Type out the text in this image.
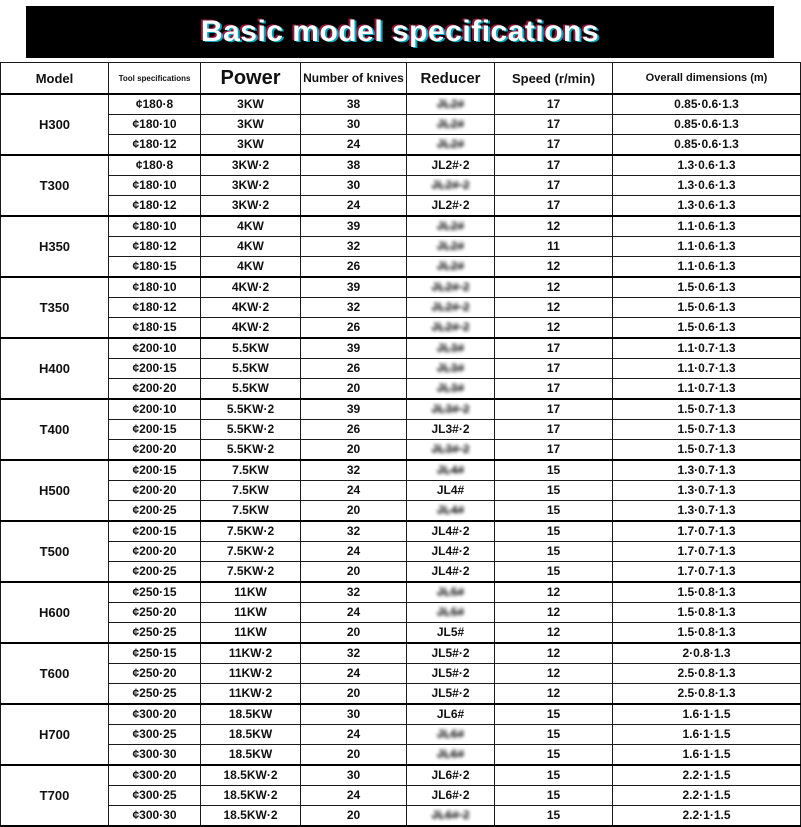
Basic model specifications
Model	Tool specifications	Power	Number of knives	Reducer	Speed (r/min)	Overall dimensions (m)
H300	¢180·8	3KW	38	JL2#	17	0.85·0.6·1.3
	¢180·10	3KW	30	JL2#	17	0.85·0.6·1.3
	¢180·12	3KW	24	JL2#	17	0.85·0.6·1.3
T300	¢180·8	3KW·2	38	JL2#·2	17	1.3·0.6·1.3
	¢180·10	3KW·2	30	JL2#·2	17	1.3·0.6·1.3
	¢180·12	3KW·2	24	JL2#·2	17	1.3·0.6·1.3
H350	¢180·10	4KW	39	JL2#	12	1.1·0.6·1.3
	¢180·12	4KW	32	JL2#	11	1.1·0.6·1.3
	¢180·15	4KW	26	JL2#	12	1.1·0.6·1.3
T350	¢180·10	4KW·2	39	JL2#·2	12	1.5·0.6·1.3
	¢180·12	4KW·2	32	JL2#·2	12	1.5·0.6·1.3
	¢180·15	4KW·2	26	JL2#·2	12	1.5·0.6·1.3
H400	¢200·10	5.5KW	39	JL3#	17	1.1·0.7·1.3
	¢200·15	5.5KW	26	JL3#	17	1.1·0.7·1.3
	¢200·20	5.5KW	20	JL3#	17	1.1·0.7·1.3
T400	¢200·10	5.5KW·2	39	JL3#·2	17	1.5·0.7·1.3
	¢200·15	5.5KW·2	26	JL3#·2	17	1.5·0.7·1.3
	¢200·20	5.5KW·2	20	JL3#·2	17	1.5·0.7·1.3
H500	¢200·15	7.5KW	32	JL4#	15	1.3·0.7·1.3
	¢200·20	7.5KW	24	JL4#	15	1.3·0.7·1.3
	¢200·25	7.5KW	20	JL4#	15	1.3·0.7·1.3
T500	¢200·15	7.5KW·2	32	JL4#·2	15	1.7·0.7·1.3
	¢200·20	7.5KW·2	24	JL4#·2	15	1.7·0.7·1.3
	¢200·25	7.5KW·2	20	JL4#·2	15	1.7·0.7·1.3
H600	¢250·15	11KW	32	JL5#	12	1.5·0.8·1.3
	¢250·20	11KW	24	JL5#	12	1.5·0.8·1.3
	¢250·25	11KW	20	JL5#	12	1.5·0.8·1.3
T600	¢250·15	11KW·2	32	JL5#·2	12	2·0.8·1.3
	¢250·20	11KW·2	24	JL5#·2	12	2.5·0.8·1.3
	¢250·25	11KW·2	20	JL5#·2	12	2.5·0.8·1.3
H700	¢300·20	18.5KW	30	JL6#	15	1.6·1·1.5
	¢300·25	18.5KW	24	JL6#	15	1.6·1·1.5
	¢300·30	18.5KW	20	JL6#	15	1.6·1·1.5
T700	¢300·20	18.5KW·2	30	JL6#·2	15	2.2·1·1.5
	¢300·25	18.5KW·2	24	JL6#·2	15	2.2·1·1.5
	¢300·30	18.5KW·2	20	JL6#·2	15	2.2·1·1.5
